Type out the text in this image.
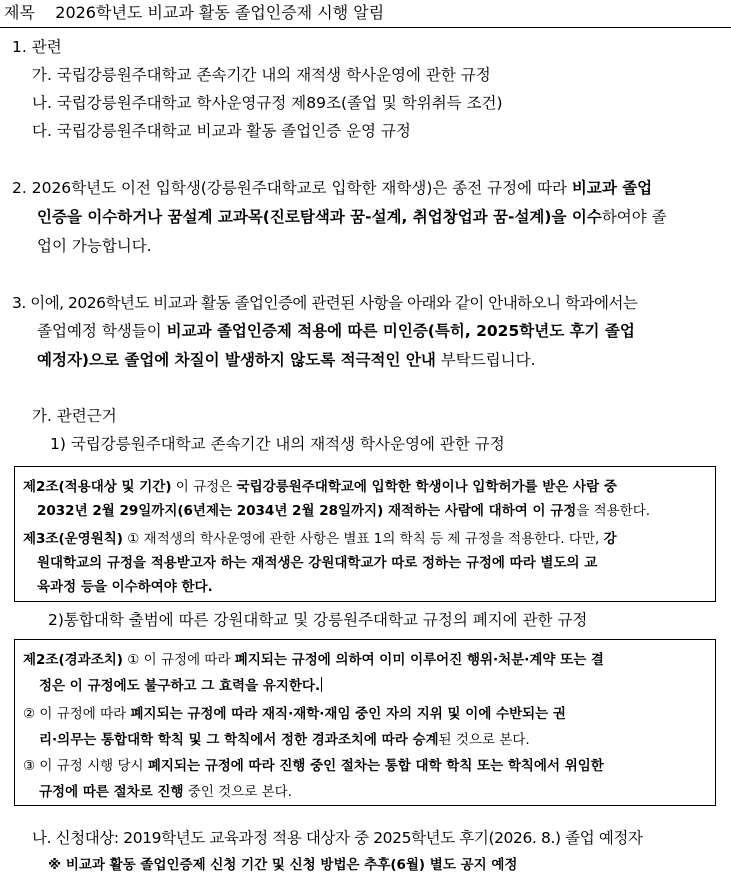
제목 2026학년도 비교과 활동 졸업인증제 시행 알림
1. 관련
가. 국립강릉원주대학교 존속기간 내의 재적생 학사운영에 관한 규정
나. 국립강릉원주대학교 학사운영규정 제89조(졸업 및 학위취득 조건)
다. 국립강릉원주대학교 비교과 활동 졸업인증 운영 규정
2. 2026학년도 이전 입학생(강릉원주대학교로 입학한 재학생)은 종전 규정에 따라 비교과 졸업
인증을 이수하거나 꿈설계 교과목(진로탐색과 꿈-설계, 취업창업과 꿈-설계)을 이수하여야 졸
업이 가능합니다.
3. 이에, 2026학년도 비교과 활동 졸업인증에 관련된 사항을 아래와 같이 안내하오니 학과에서는
졸업예정 학생들이 비교과 졸업인증제 적용에 따른 미인증(특히, 2025학년도 후기 졸업
예정자)으로 졸업에 차질이 발생하지 않도록 적극적인 안내 부탁드립니다.
가. 관련근거
1) 국립강릉원주대학교 존속기간 내의 재적생 학사운영에 관한 규정
제2조(적용대상 및 기간) 이 규정은 국립강릉원주대학교에 입학한 학생이나 입학허가를 받은 사람 중
2032년 2월 29일까지(6년제는 2034년 2월 28일까지) 재적하는 사람에 대하여 이 규정을 적용한다.
제3조(운영원칙) ① 재적생의 학사운영에 관한 사항은 별표 1의 학칙 등 제 규정을 적용한다. 다만, 강
원대학교의 규정을 적용받고자 하는 재적생은 강원대학교가 따로 정하는 규정에 따라 별도의 교
육과정 등을 이수하여야 한다.
2)통합대학 출범에 따른 강원대학교 및 강릉원주대학교 규정의 폐지에 관한 규정
제2조(경과조치) ① 이 규정에 따라 폐지되는 규정에 의하여 이미 이루어진 행위·처분·계약 또는 결
정은 이 규정에도 불구하고 그 효력을 유지한다.
② 이 규정에 따라 폐지되는 규정에 따라 재직·재학·재임 중인 자의 지위 및 이에 수반되는 권
리·의무는 통합대학 학칙 및 그 학칙에서 정한 경과조치에 따라 승계된 것으로 본다.
③ 이 규정 시행 당시 폐지되는 규정에 따라 진행 중인 절차는 통합 대학 학칙 또는 학칙에서 위임한
규정에 따른 절차로 진행 중인 것으로 본다.
나. 신청대상: 2019학년도 교육과정 적용 대상자 중 2025학년도 후기(2026. 8.) 졸업 예정자
※ 비교과 활동 졸업인증제 신청 기간 및 신청 방법은 추후(6월) 별도 공지 예정
